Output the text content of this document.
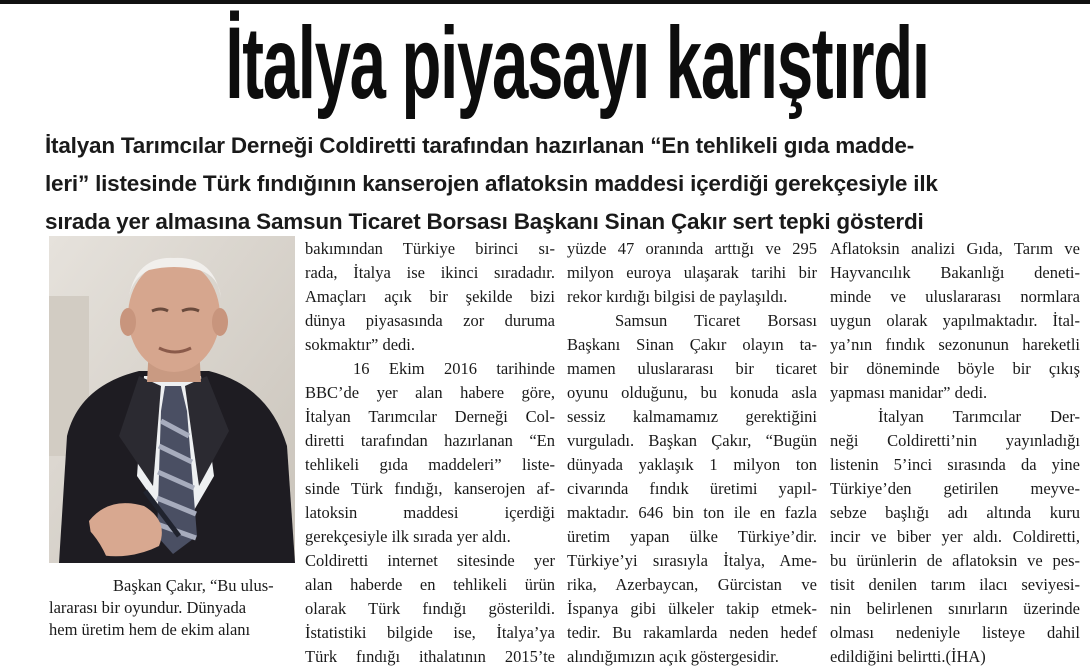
İtalya piyasayı karıştırdı
İtalyan Tarımcılar Derneği Coldiretti tarafından hazırlanan “En tehlikeli gıda madde-
leri” listesinde Türk fındığının kanserojen aflatoksin maddesi içerdiği gerekçesiyle ilk
sırada yer almasına Samsun Ticaret Borsası Başkanı Sinan Çakır sert tepki gösterdi
Başkan Çakır, “Bu ulus-
lararası bir oyundur. Dünyada
hem üretim hem de ekim alanı
bakımından Türkiye birinci sı-
rada, İtalya ise ikinci sıradadır.
Amaçları açık bir şekilde bizi
dünya piyasasında zor duruma
sokmaktır” dedi.
16 Ekim 2016 tarihinde
BBC’de yer alan habere göre,
İtalyan Tarımcılar Derneği Col-
diretti tarafından hazırlanan “En
tehlikeli gıda maddeleri” liste-
sinde Türk fındığı, kanserojen af-
latoksin maddesi içerdiği
gerekçesiyle ilk sırada yer aldı.
Coldiretti internet sitesinde yer
alan haberde en tehlikeli ürün
olarak Türk fındığı gösterildi.
İstatistiki bilgide ise, İtalya’ya
Türk fındığı ithalatının 2015’te
yüzde 47 oranında arttığı ve 295
milyon euroya ulaşarak tarihi bir
rekor kırdığı bilgisi de paylaşıldı.
Samsun Ticaret Borsası
Başkanı Sinan Çakır olayın ta-
mamen uluslararası bir ticaret
oyunu olduğunu, bu konuda asla
sessiz kalmamamız gerektiğini
vurguladı. Başkan Çakır, “Bugün
dünyada yaklaşık 1 milyon ton
civarında fındık üretimi yapıl-
maktadır. 646 bin ton ile en fazla
üretim yapan ülke Türkiye’dir.
Türkiye’yi sırasıyla İtalya, Ame-
rika, Azerbaycan, Gürcistan ve
İspanya gibi ülkeler takip etmek-
tedir. Bu rakamlarda neden hedef
alındığımızın açık göstergesidir.
Aflatoksin analizi Gıda, Tarım ve
Hayvancılık Bakanlığı deneti-
minde ve uluslararası normlara
uygun olarak yapılmaktadır. İtal-
ya’nın fındık sezonunun hareketli
bir döneminde böyle bir çıkış
yapması manidar” dedi.
İtalyan Tarımcılar Der-
neği Coldiretti’nin yayınladığı
listenin 5’inci sırasında da yine
Türkiye’den getirilen meyve-
sebze başlığı adı altında kuru
incir ve biber yer aldı. Coldiretti,
bu ürünlerin de aflatoksin ve pes-
tisit denilen tarım ilacı seviyesi-
nin belirlenen sınırların üzerinde
olması nedeniyle listeye dahil
edildiğini belirtti.(İHA)
